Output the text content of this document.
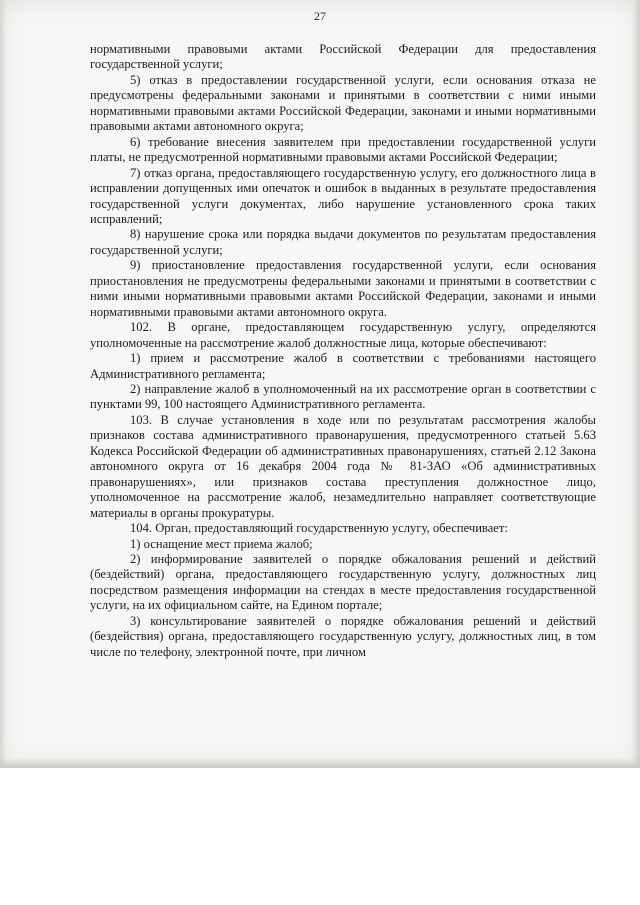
27

нормативными правовыми актами Российской Федерации для предоставления государственной услуги;

5) отказ в предоставлении государственной услуги, если основания отказа не предусмотрены федеральными законами и принятыми в соответствии с ними иными нормативными правовыми актами Российской Федерации, законами и иными нормативными правовыми актами автономного округа;

6) требование внесения заявителем при предоставлении государственной услуги платы, не предусмотренной нормативными правовыми актами Российской Федерации;

7) отказ органа, предоставляющего государственную услугу, его должностного лица в исправлении допущенных ими опечаток и ошибок в выданных в результате предоставления государственной услуги документах, либо нарушение установленного срока таких исправлений;

8) нарушение срока или порядка выдачи документов по результатам предоставления государственной услуги;

9) приостановление предоставления государственной услуги, если основания приостановления не предусмотрены федеральными законами и принятыми в соответствии с ними иными нормативными правовыми актами Российской Федерации, законами и иными нормативными правовыми актами автономного округа.

102. В органе, предоставляющем государственную услугу, определяются уполномоченные на рассмотрение жалоб должностные лица, которые обеспечивают:

1) прием и рассмотрение жалоб в соответствии с требованиями настоящего Административного регламента;

2) направление жалоб в уполномоченный на их рассмотрение орган в соответствии с пунктами 99, 100 настоящего Административного регламента.

103. В случае установления в ходе или по результатам рассмотрения жалобы признаков состава административного правонарушения, предусмотренного статьей 5.63 Кодекса Российской Федерации об административных правонарушениях, статьей 2.12 Закона автономного округа от 16 декабря 2004 года № 81-ЗАО «Об административных правонарушениях», или признаков состава преступления должностное лицо, уполномоченное на рассмотрение жалоб, незамедлительно направляет соответствующие материалы в органы прокуратуры.

104. Орган, предоставляющий государственную услугу, обеспечивает:

1) оснащение мест приема жалоб;

2) информирование заявителей о порядке обжалования решений и действий (бездействий) органа, предоставляющего государственную услугу, должностных лиц посредством размещения информации на стендах в месте предоставления государственной услуги, на их официальном сайте, на Едином портале;

3) консультирование заявителей о порядке обжалования решений и действий (бездействия) органа, предоставляющего государственную услугу, должностных лиц, в том числе по телефону, электронной почте, при личном
